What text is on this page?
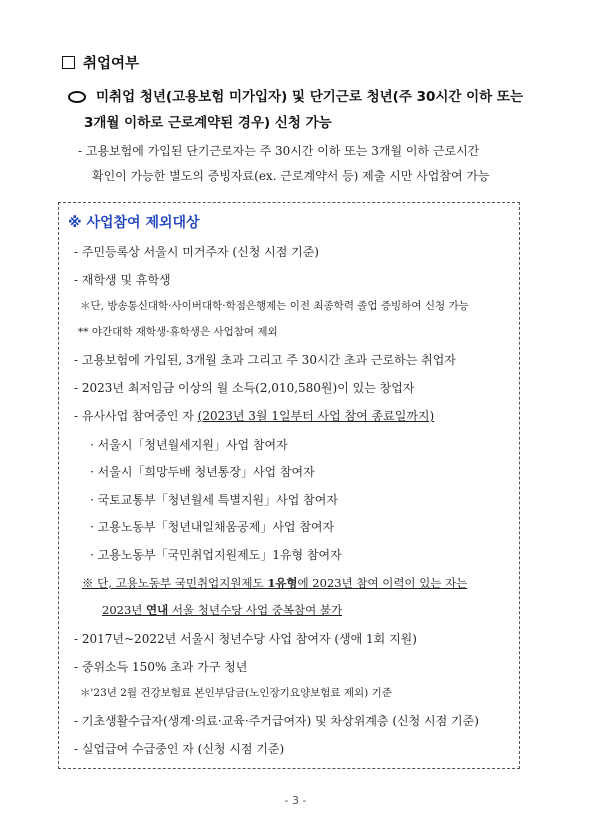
취업여부
미취업 청년(고용보험 미가입자) 및 단기근로 청년(주 30시간 이하 또는
3개월 이하로 근로계약된 경우) 신청 가능
- 고용보험에 가입된 단기근로자는 주 30시간 이하 또는 3개월 이하 근로시간
확인이 가능한 별도의 증빙자료(ex. 근로계약서 등) 제출 시만 사업참여 가능
※ 사업참여 제외대상
- 주민등록상 서울시 미거주자 (신청 시점 기준)
- 재학생 및 휴학생
＊단, 방송통신대학·사이버대학·학점은행제는 이전 최종학력 졸업 증빙하여 신청 가능
** 야간대학 재학생·휴학생은 사업참여 제외
- 고용보험에 가입된, 3개월 초과 그리고 주 30시간 초과 근로하는 취업자
- 2023년 최저임금 이상의 월 소득(2,010,580원)이 있는 창업자
- 유사사업 참여중인 자 (2023년 3월 1일부터 사업 참여 종료일까지)
· 서울시「청년월세지원」사업 참여자
· 서울시「희망두배 청년통장」사업 참여자
· 국토교통부「청년월세 특별지원」사업 참여자
· 고용노동부「청년내일채움공제」사업 참여자
· 고용노동부「국민취업지원제도」1유형 참여자
※ 단, 고용노동부 국민취업지원제도 1유형에 2023년 참여 이력이 있는 자는
2023년 연내 서울 청년수당 사업 중복참여 불가
- 2017년~2022년 서울시 청년수당 사업 참여자 (생애 1회 지원)
- 중위소득 150% 초과 가구 청년
＊'23년 2월 건강보험료 본인부담금(노인장기요양보험료 제외) 기준
- 기초생활수급자(생계·의료·교육·주거급여자) 및 차상위계층 (신청 시점 기준)
- 실업급여 수급중인 자 (신청 시점 기준)
- 3 -
